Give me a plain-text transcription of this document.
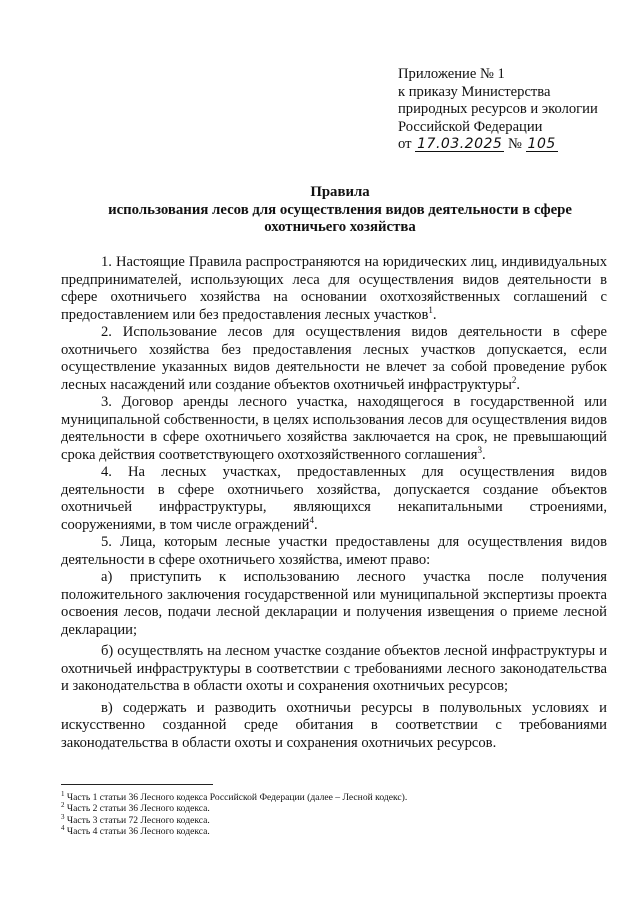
Приложение № 1
к приказу Министерства
природных ресурсов и экологии
Российской Федерации
от 17.03.2025 № 105
Правила
использования лесов для осуществления видов деятельности в сфере
охотничьего хозяйства

1. Настоящие Правила распространяются на юридических лиц, индивидуальных предпринимателей, использующих леса для осуществления видов деятельности в сфере охотничьего хозяйства на основании охотхозяйственных соглашений с предоставлением или без предоставления лесных участков$^1$.

2. Использование лесов для осуществления видов деятельности в сфере охотничьего хозяйства без предоставления лесных участков допускается, если осуществление указанных видов деятельности не влечет за собой проведение рубок лесных насаждений или создание объектов охотничьей инфраструктуры$^2$.

3. Договор аренды лесного участка, находящегося в государственной или муниципальной собственности, в целях использования лесов для осуществления видов деятельности в сфере охотничьего хозяйства заключается на срок, не превышающий срока действия соответствующего охотхозяйственного соглашения$^3$.

4. На лесных участках, предоставленных для осуществления видов деятельности в сфере охотничьего хозяйства, допускается создание объектов охотничьей инфраструктуры, являющихся некапитальными строениями, сооружениями, в том числе ограждений$^4$.

5. Лица, которым лесные участки предоставлены для осуществления видов деятельности в сфере охотничьего хозяйства, имеют право:

а) приступить к использованию лесного участка после получения положительного заключения государственной или муниципальной экспертизы проекта освоения лесов, подачи лесной декларации и получения извещения о приеме лесной декларации;

б) осуществлять на лесном участке создание объектов лесной инфраструктуры и охотничьей инфраструктуры в соответствии с требованиями лесного законодательства и законодательства в области охоты и сохранения охотничьих ресурсов;

в) содержать и разводить охотничьи ресурсы в полувольных условиях и искусственно созданной среде обитания в соответствии с требованиями законодательства в области охоты и сохранения охотничьих ресурсов.

$^1$ Часть 1 статьи 36 Лесного кодекса Российской Федерации (далее – Лесной кодекс).
$^2$ Часть 2 статьи 36 Лесного кодекса.
$^3$ Часть 3 статьи 72 Лесного кодекса.
$^4$ Часть 4 статьи 36 Лесного кодекса.
